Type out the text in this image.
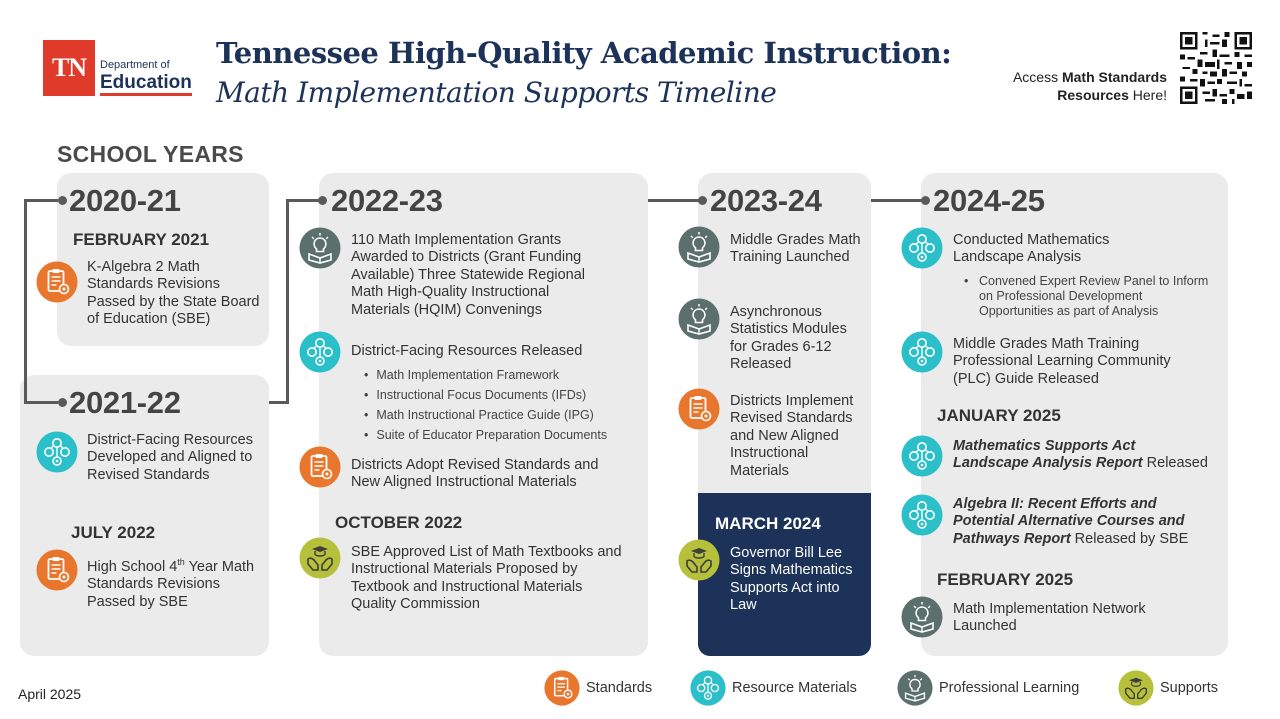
TN	Department of
Education
Tennessee High-Quality Academic Instruction:
Math Implementation Supports Timeline	Access Math Standards
Resources Here!
SCHOOL YEARS
2020-21
FEBRUARY 2021
K-Algebra 2 Math Standards Revisions Passed by the State Board of Education (SBE)
2021-22
District-Facing Resources Developed and Aligned to Revised Standards
JULY 2022
High School 4th Year Math Standards Revisions Passed by SBE
2022-23
110 Math Implementation Grants Awarded to Districts (Grant Funding Available) Three Statewide Regional Math High-Quality Instructional Materials (HQIM) Convenings
District-Facing Resources Released
• Math Implementation Framework
• Instructional Focus Documents (IFDs)
• Math Instructional Practice Guide (IPG)
• Suite of Educator Preparation Documents
Districts Adopt Revised Standards and New Aligned Instructional Materials
OCTOBER 2022
SBE Approved List of Math Textbooks and Instructional Materials Proposed by Textbook and Instructional Materials Quality Commission
2023-24
Middle Grades Math Training Launched
Asynchronous Statistics Modules for Grades 6-12 Released
Districts Implement Revised Standards and New Aligned Instructional Materials
MARCH 2024
Governor Bill Lee Signs Mathematics Supports Act into Law
2024-25
Conducted Mathematics Landscape Analysis
• Convened Expert Review Panel to Inform on Professional Development Opportunities as part of Analysis
Middle Grades Math Training Professional Learning Community (PLC) Guide Released
JANUARY 2025
Mathematics Supports Act Landscape Analysis Report Released
Algebra II: Recent Efforts and Potential Alternative Courses and Pathways Report Released by SBE
FEBRUARY 2025
Math Implementation Network Launched
April 2025	Standards	Resource Materials	Professional Learning	Supports
